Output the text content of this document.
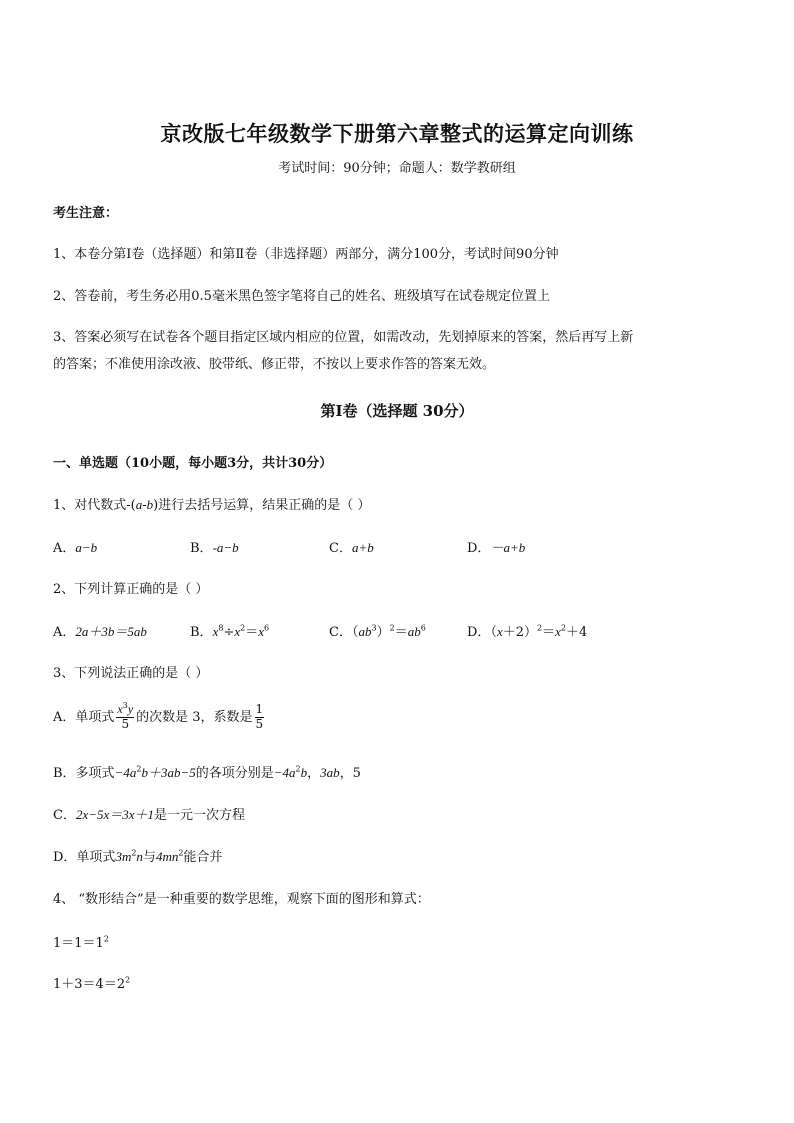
京改版七年级数学下册第六章整式的运算定向训练
考试时间：90分钟；命题人：数学教研组
考生注意：
1、本卷分第Ⅰ卷（选择题）和第Ⅱ卷（非选择题）两部分，满分100分，考试时间90分钟
2、答卷前，考生务必用0.5毫米黑色签字笔将自己的姓名、班级填写在试卷规定位置上
3、答案必须写在试卷各个题目指定区域内相应的位置，如需改动，先划掉原来的答案，然后再写上新
的答案；不准使用涂改液、胶带纸、修正带，不按以上要求作答的答案无效。
第Ⅰ卷（选择题 30分）
一、单选题（10小题，每小题3分，共计30分）
1、对代数式-(a-b)进行去括号运算，结果正确的是（ ）
A．a−b	B．-a−b	C．a+b	D．－a+b
2、下列计算正确的是（ ）
A．2a＋3b＝5ab	B．$x^8\div x^2=x^6$	C．$(ab^3)^2=ab^6$	D．$(x+2)^2=x^2+4$
3、下列说法正确的是（ ）
A．单项式 $\frac{x^3y}{5}$ 的次数是 3，系数是 $\frac{1}{5}$
B．多项式$-4a^2b+3ab-5$的各项分别是$-4a^2b$，3ab，5
C．2x−5x＝3x＋1是一元一次方程
D．单项式$3m^2n$与$4mn^2$能合并
4、 “数形结合”是一种重要的数学思维，观察下面的图形和算式：
$1=1=1^2$
$1+3=4=2^2$
